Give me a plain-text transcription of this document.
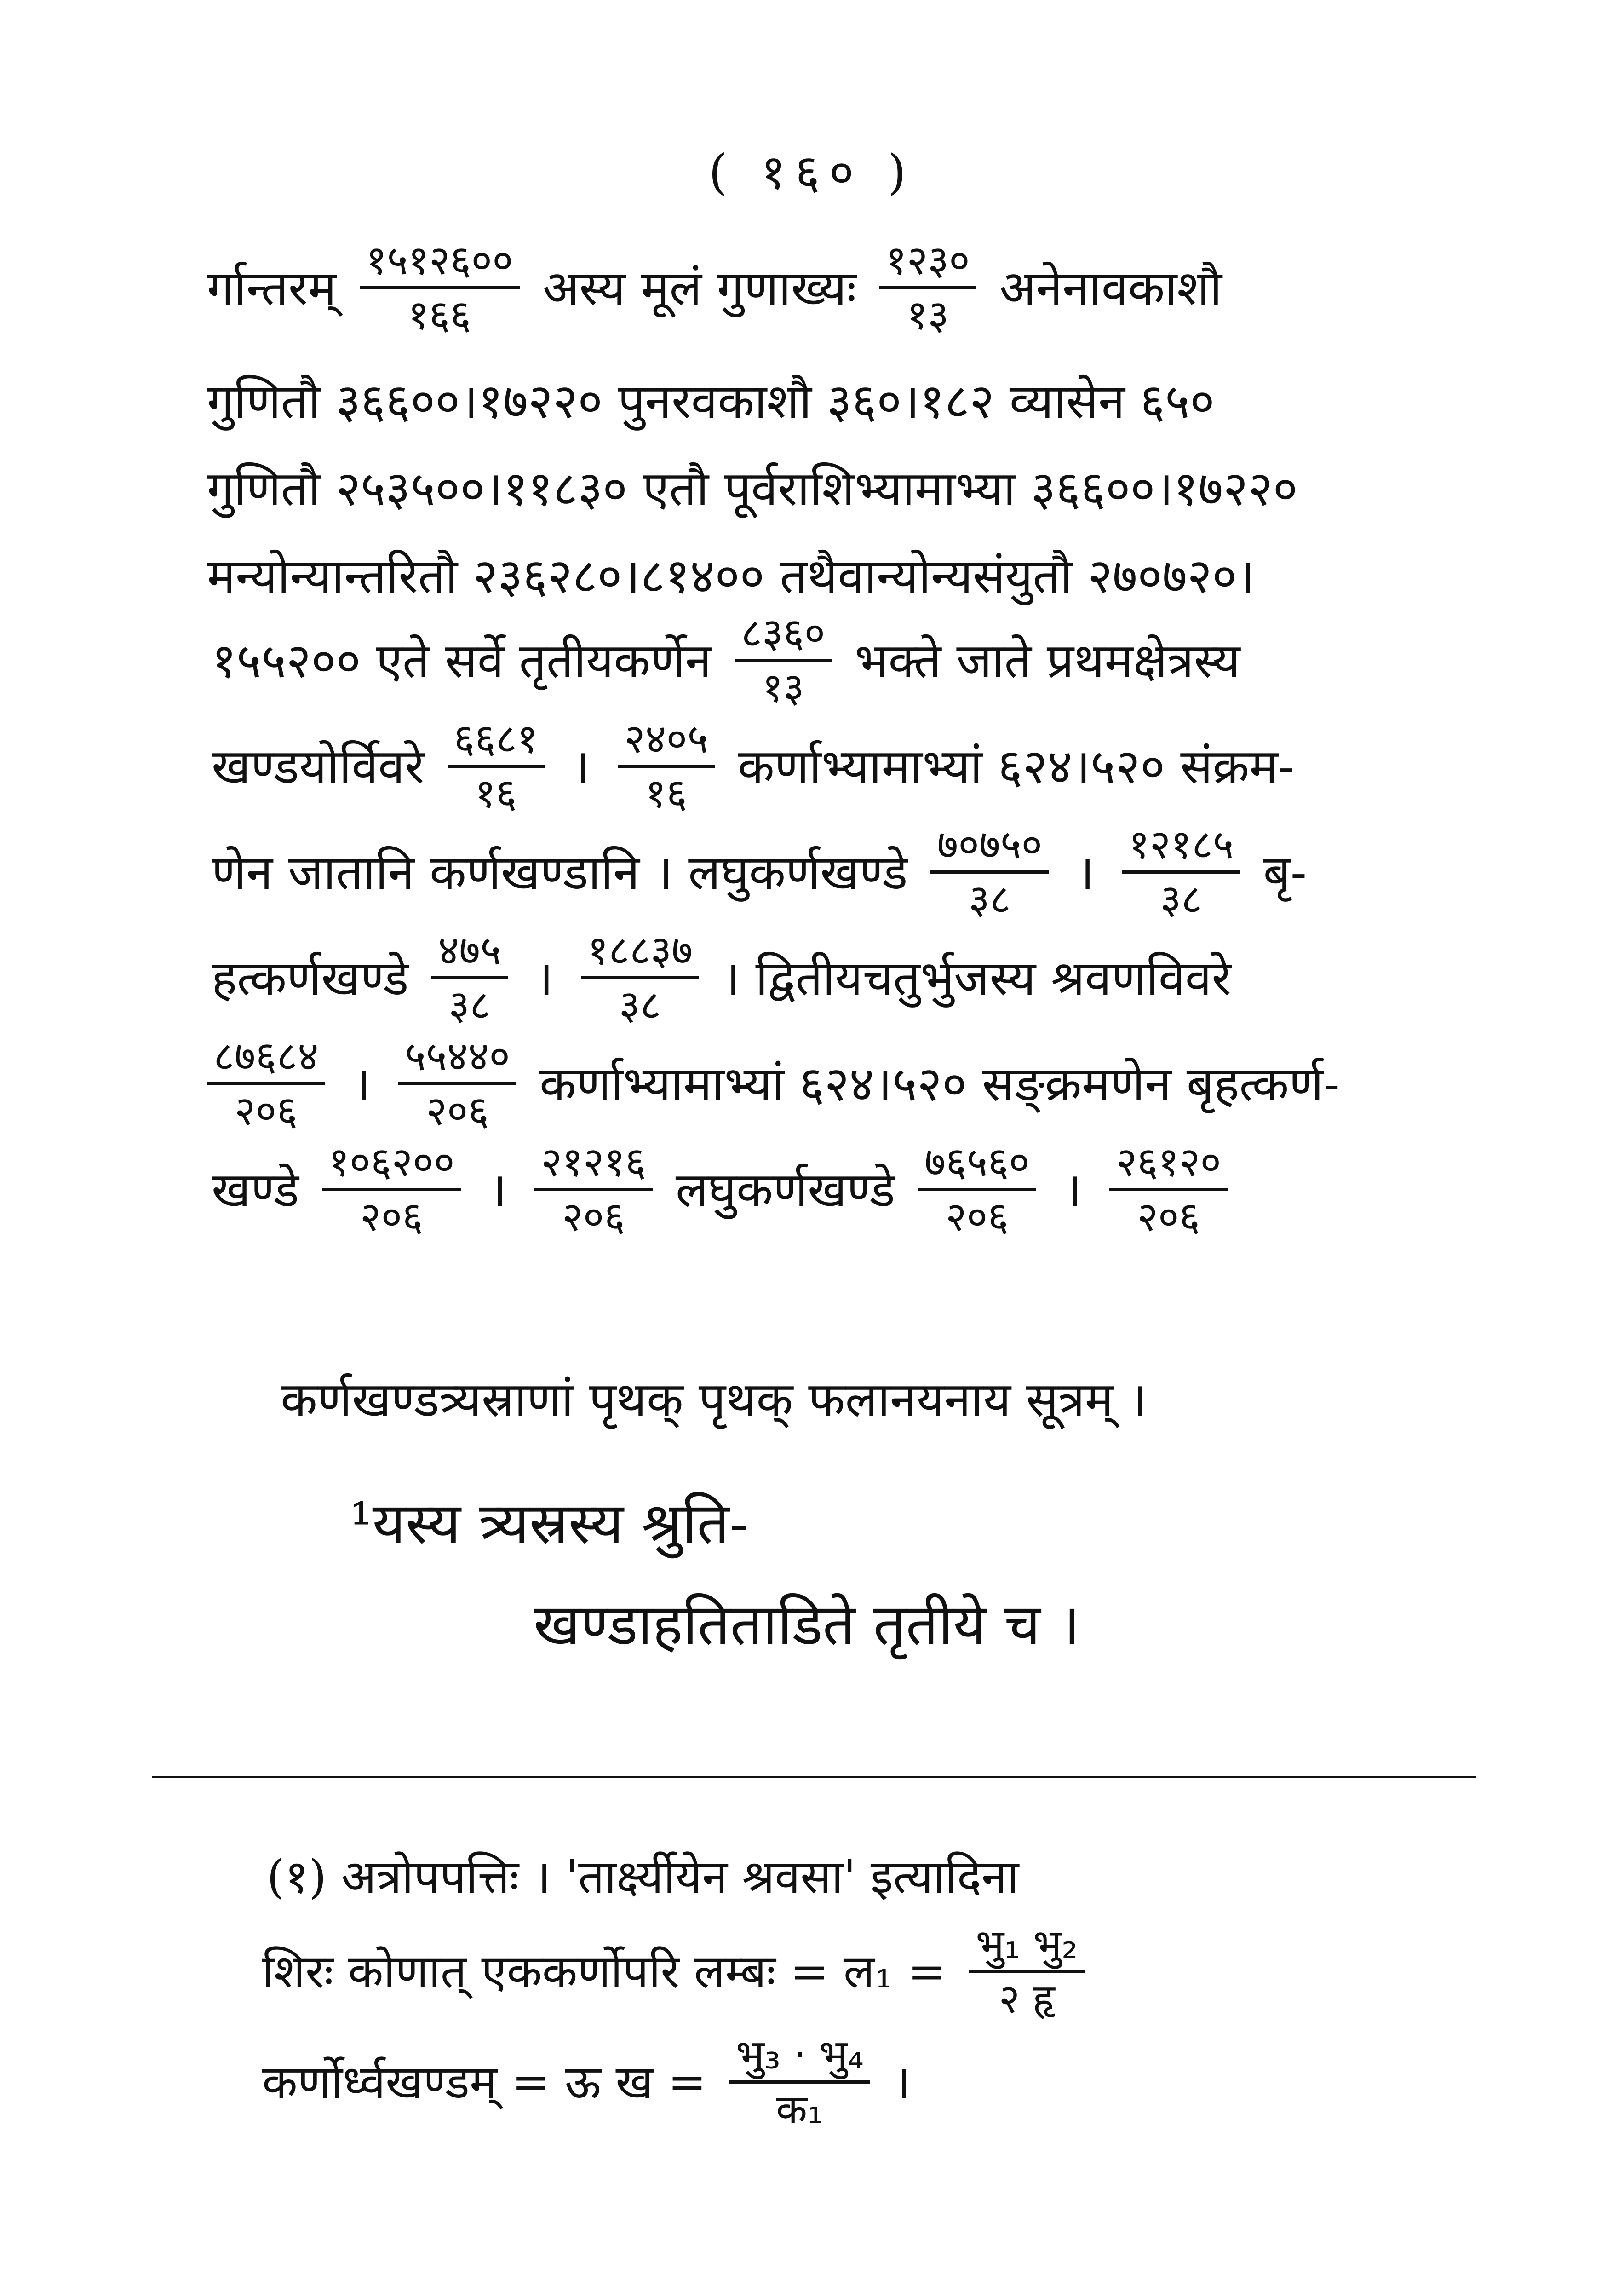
( १६० )
र्गान्तरम् $\frac{१५१२६००}{१६६}$ अस्य मूलं गुणाख्यः $\frac{१२३०}{१३}$ अनेनावकाशौ
गुणितौ ३६६००।१७२२० पुनरवकाशौ ३६०।१८२ व्यासेन ६५०
गुणितौ २५३५००।११८३० एतौ पूर्वराशिभ्यामाभ्या ३६६००।१७२२०
मन्योन्यान्तरितौ २३६२८०।८१४०० तथैवान्योन्यसंयुतौ २७०७२०।
१५५२०० एते सर्वे तृतीयकर्णेन $\frac{८३६०}{१३}$ भक्ते जाते प्रथमक्षेत्रस्य
खण्डयोर्विवरे $\frac{६६८१}{१६}$ । $\frac{२४०५}{१६}$ कर्णाभ्यामाभ्यां ६२४।५२० संक्रम-
णेन जातानि कर्णखण्डानि । लघुकर्णखण्डे $\frac{७०७५०}{३८}$ । $\frac{१२१८५}{३८}$ बृ-
हत्कर्णखण्डे $\frac{४७५}{३८}$ । $\frac{१८८३७}{३८}$ । द्वितीयचतुर्भुजस्य श्रवणविवरे
$\frac{८७६८४}{२०६}$ । $\frac{५५४४०}{२०६}$ कर्णाभ्यामाभ्यां ६२४।५२० सङ्क्रमणेन बृहत्कर्ण-
खण्डे $\frac{१०६२००}{२०६}$ । $\frac{२१२१६}{२०६}$ लघुकर्णखण्डे $\frac{७६५६०}{२०६}$ । $\frac{२६१२०}{२०६}$
कर्णखण्डत्र्यस्राणां पृथक् पृथक् फलानयनाय सूत्रम् ।
¹यस्य त्र्यस्रस्य श्रुति-
खण्डाहतिताडिते तृतीये च ।
(१) अत्रोपपत्तिः । 'तार्क्ष्यीयेन श्रवसा' इत्यादिना
शिरः कोणात् एककर्णोपरि लम्बः = ल₁ = $\frac{\text{भु₁ भु₂}}{\text{२ हृ}}$
कर्णोर्ध्वखण्डम् = ऊ ख = $\frac{\text{भु₃ · भु₄}}{\text{क₁}}$ ।
